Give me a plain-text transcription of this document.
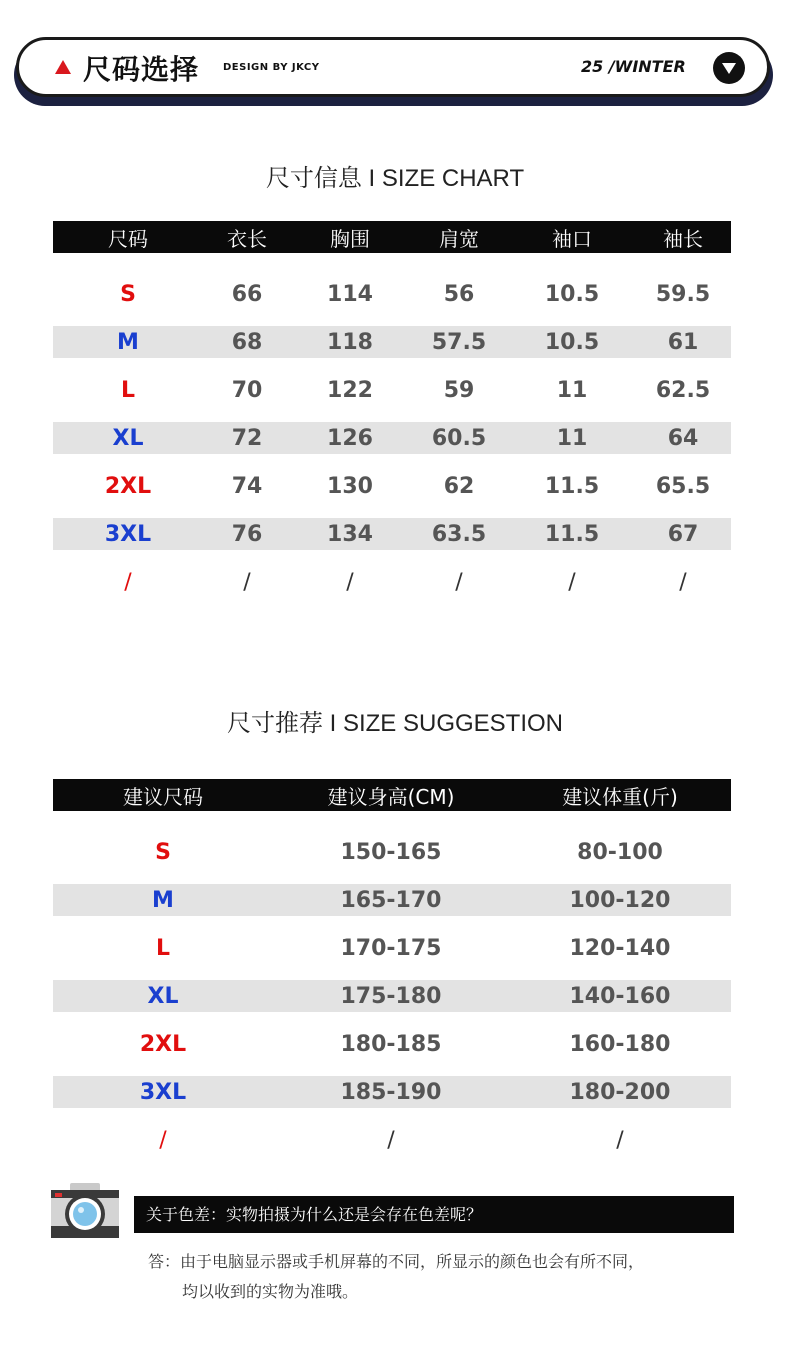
尺码选择 DESIGN BY JKCY	25 /WINTER
尺寸信息 I SIZE CHART
尺码	衣长	胸围	肩宽	袖口	袖长
S	66	114	56	10.5	59.5
M	68	118	57.5	10.5	61
L	70	122	59	11	62.5
XL	72	126	60.5	11	64
2XL	74	130	62	11.5	65.5
3XL	76	134	63.5	11.5	67
/	/	/	/	/	/
尺寸推荐 I SIZE SUGGESTION
建议尺码	建议身高(CM)	建议体重(斤)
S	150-165	80-100
M	165-170	100-120
L	170-175	120-140
XL	175-180	140-160
2XL	180-185	160-180
3XL	185-190	180-200
/	/	/
关于色差：实物拍摄为什么还是会存在色差呢？
答：由于电脑显示器或手机屏幕的不同，所显示的颜色也会有所不同，
均以收到的实物为准哦。
